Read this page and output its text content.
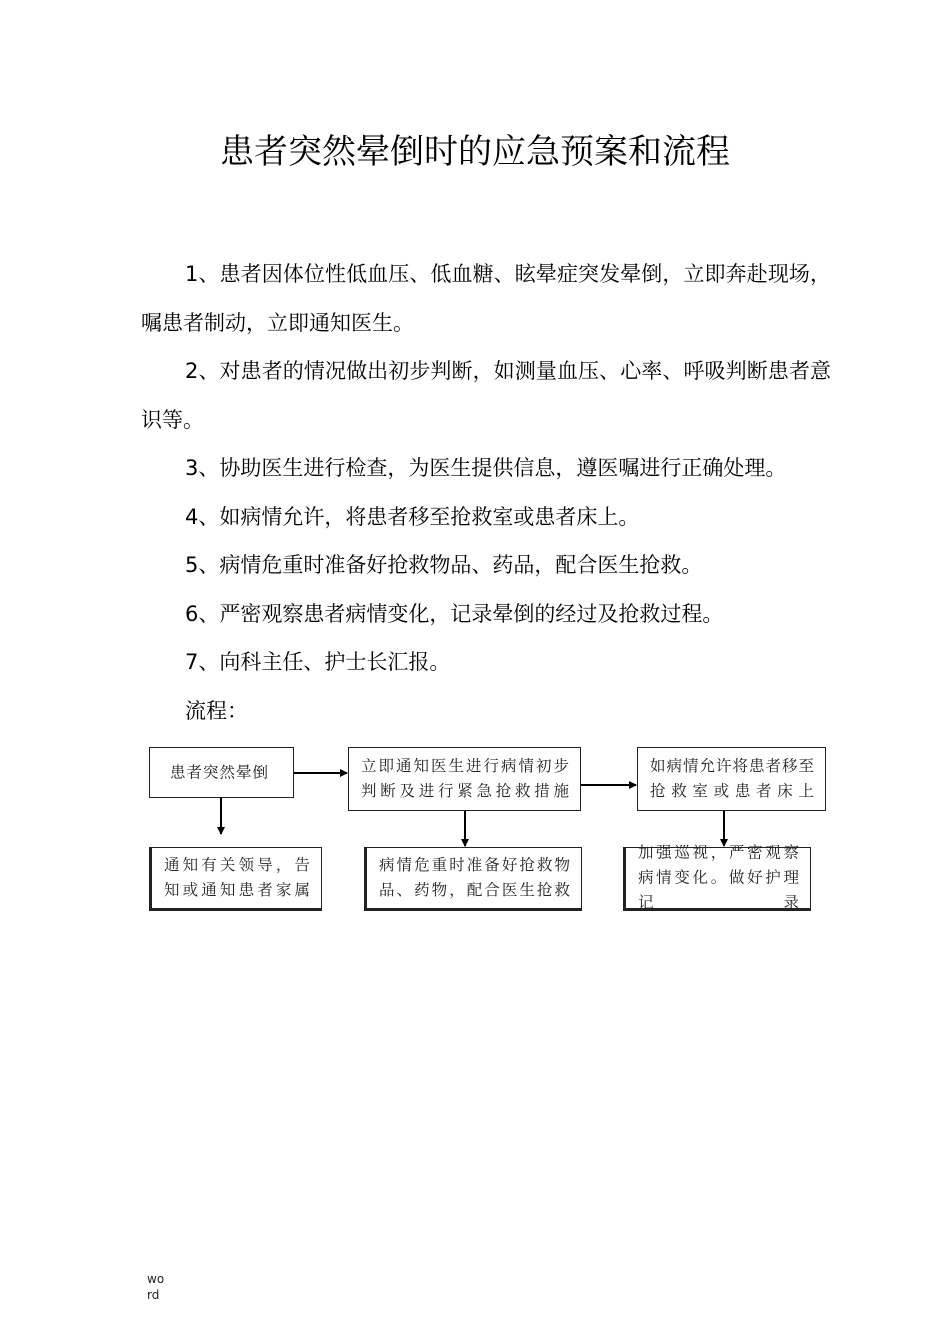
患者突然晕倒时的应急预案和流程

1、患者因体位性低血压、低血糖、眩晕症突发晕倒，立即奔赴现场，嘱患者制动，立即通知医生。

2、对患者的情况做出初步判断，如测量血压、心率、呼吸判断患者意识等。

3、协助医生进行检查，为医生提供信息，遵医嘱进行正确处理。

4、如病情允许，将患者移至抢救室或患者床上。

5、病情危重时准备好抢救物品、药品，配合医生抢救。

6、严密观察患者病情变化，记录晕倒的经过及抢救过程。

7、向科主任、护士长汇报。

流程：

患者突然晕倒	立即通知医生进行病情初步判断及进行紧急抢救措施
如病情允许将患者移至抢救室或患者床上
通知有关领导，告知或通知患者家属
病情危重时准备好抢救物品、药物，配合医生抢救
加强巡视，严密观察病情变化。做好护理记录
word
